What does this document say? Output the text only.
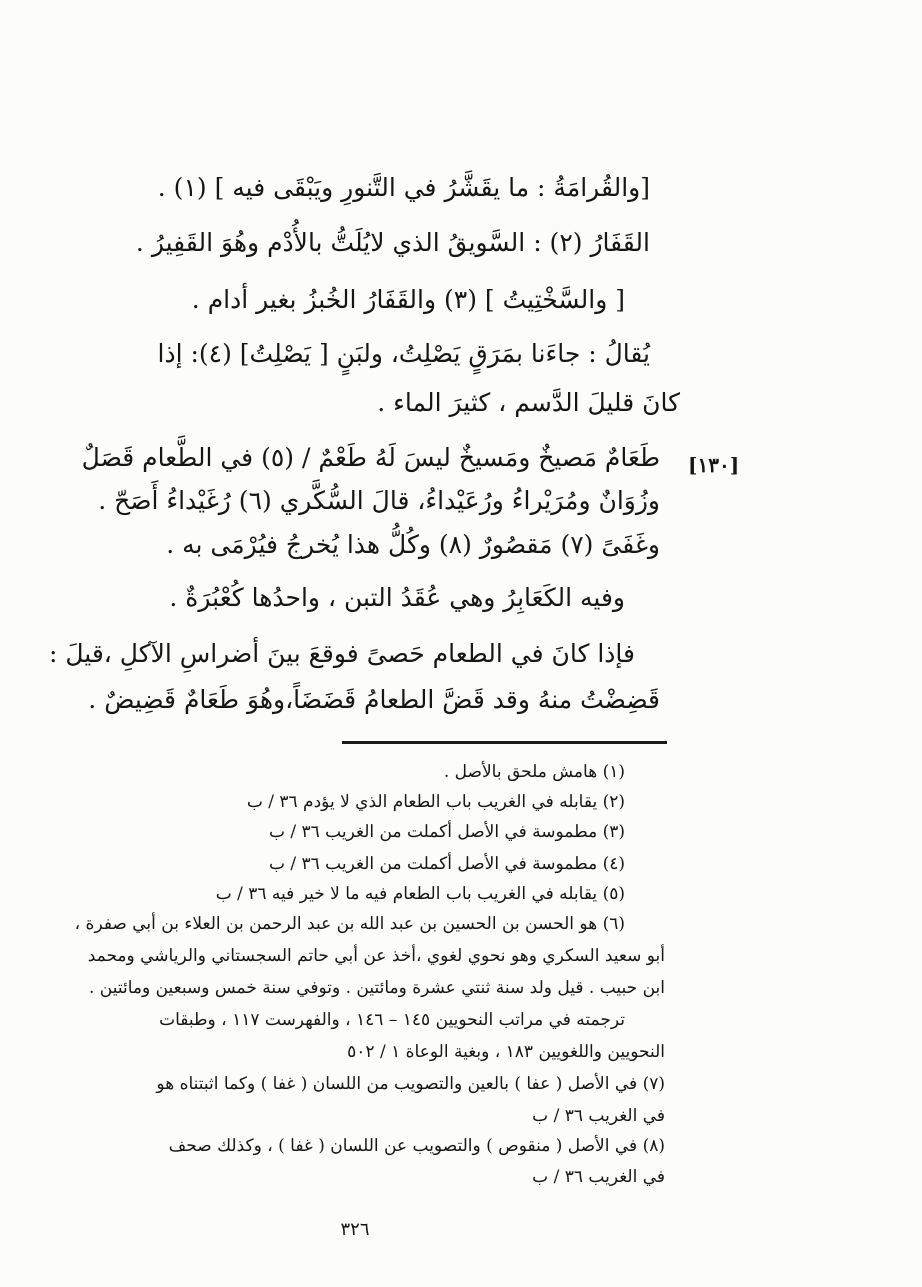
[والقُرامَةُ : ما يقَشَّرُ في التَّنورِ ويَبْقَى فيه ] (١) .
القَفَارُ (٢) : السَّويقُ الذي لايُلَتُّ بالأُدْم وهُوَ القَفِيرُ .
[ والسَّخْتِيتُ ] (٣) والقَفَارُ الخُبزُ بغير أدام .
يُقالُ : جاءَنا بمَرَقٍ يَصْلِتُ، ولبَنٍ [ يَصْلِتُ] (٤): إذا
كانَ قليلَ الدَّسم ، كثيرَ الماء .
طَعَامٌ مَصيخٌ ومَسيخٌ ليسَ لَهُ طَعْمٌ / (٥) في الطَّعام قَصَلٌ [١٣٠]
وزُوَانٌ ومُرَيْراءُ ورُعَيْداءُ، قالَ السُّكَّري (٦) رُغَيْداءُ أَصَحّ .
وغَفَىً (٧) مَقصُورٌ (٨) وكُلُّ هذا يُخرجُ فيُرْمَى به .
وفيه الكَعَابِرُ وهي عُقَدُ التبن ، واحدُها كُعْبُرَةٌ .
فإذا كانَ في الطعام حَصىً فوقعَ بينَ أضراسِ الآكلِ ،قيلَ :
قَضِضْتُ منهُ وقد قَضَّ الطعامُ قَضَضَاً،وهُوَ طَعَامٌ قَضِيضٌ .
(١) هامش ملحق بالأصل .
(٢) يقابله في الغريب باب الطعام الذي لا يؤدم ٣٦ / ب
(٣) مطموسة في الأصل أكملت من الغريب ٣٦ / ب
(٤) مطموسة في الأصل أكملت من الغريب ٣٦ / ب
(٥) يقابله في الغريب باب الطعام فيه ما لا خير فيه ٣٦ / ب
(٦) هو الحسن بن الحسين بن عبد الله بن عبد الرحمن بن العلاء بن أبي صفرة ،
أبو سعيد السكري وهو نحوي لغوي ،أخذ عن أبي حاتم السجستاني والرياشي ومحمد
ابن حبيب . قيل ولد سنة ثنتي عشرة ومائتين . وتوفي سنة خمس وسبعين ومائتين .
ترجمته في مراتب النحويين ١٤٥ – ١٤٦ ، والفهرست ١١٧ ، وطبقات
النحويين واللغويين ١٨٣ ، وبغية الوعاة ١ / ٥٠٢
(٧) في الأصل ( عفا ) بالعين والتصويب من اللسان ( غفا ) وكما اثبتناه هو
في الغريب ٣٦ / ب
(٨) في الأصل ( منقوص ) والتصويب عن اللسان ( غفا ) ، وكذلك صحف
في الغريب ٣٦ / ب
٣٢٦
